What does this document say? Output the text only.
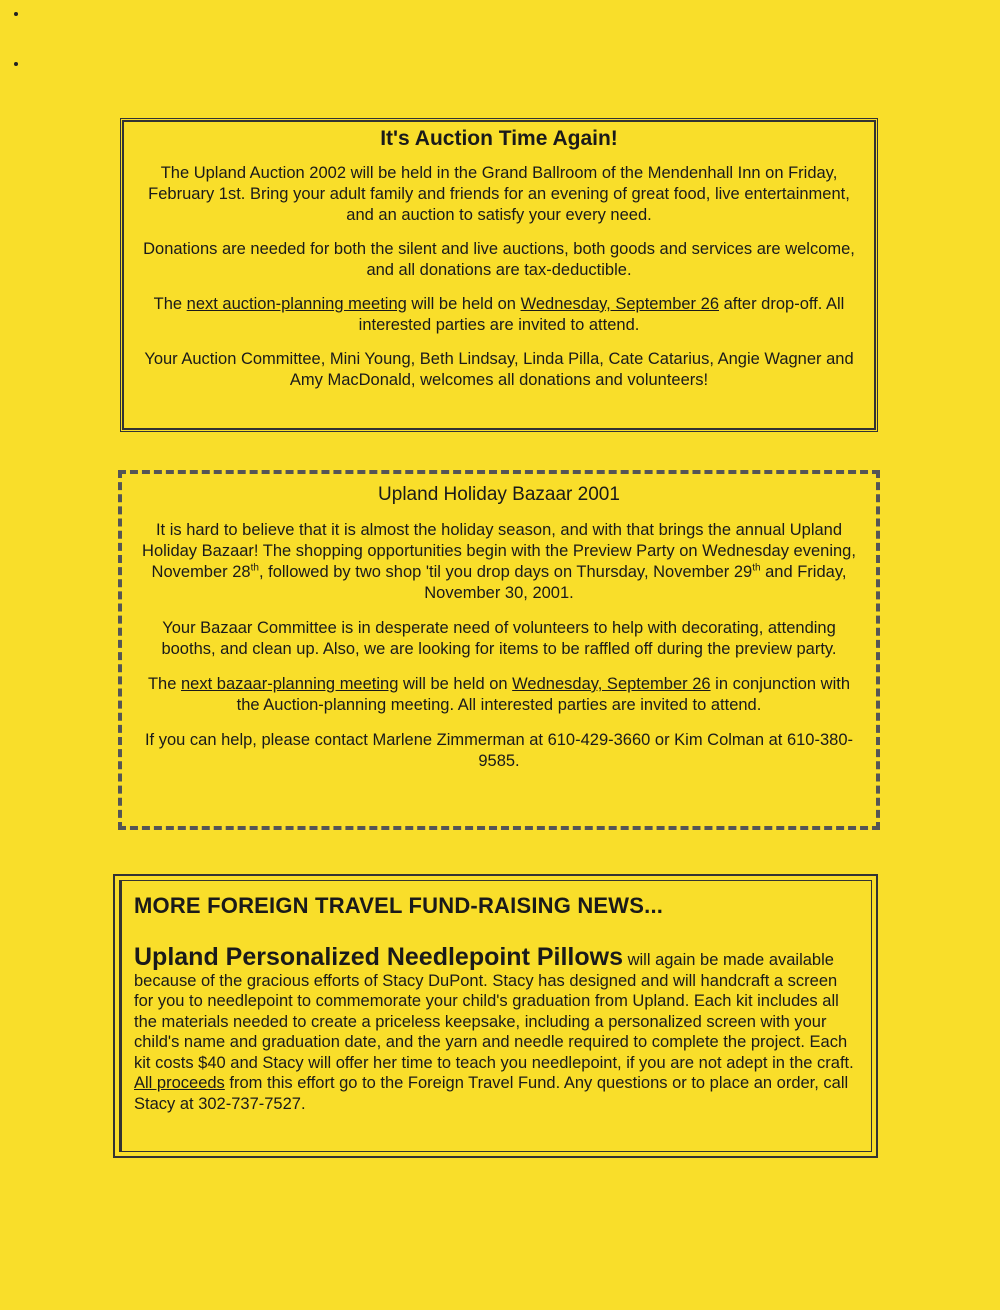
It's Auction Time Again!

The Upland Auction 2002 will be held in the Grand Ballroom of the Mendenhall Inn on Friday, February 1st. Bring your adult family and friends for an evening of great food, live entertainment, and an auction to satisfy your every need.

Donations are needed for both the silent and live auctions, both goods and services are welcome, and all donations are tax-deductible.

The next auction-planning meeting will be held on Wednesday, September 26 after drop-off. All interested parties are invited to attend.

Your Auction Committee, Mini Young, Beth Lindsay, Linda Pilla, Cate Catarius, Angie Wagner and Amy MacDonald, welcomes all donations and volunteers!

Upland Holiday Bazaar 2001

It is hard to believe that it is almost the holiday season, and with that brings the annual Upland Holiday Bazaar! The shopping opportunities begin with the Preview Party on Wednesday evening, November 28th, followed by two shop 'til you drop days on Thursday, November 29th and Friday, November 30, 2001.

Your Bazaar Committee is in desperate need of volunteers to help with decorating, attending booths, and clean up. Also, we are looking for items to be raffled off during the preview party.

The next bazaar-planning meeting will be held on Wednesday, September 26 in conjunction with the Auction-planning meeting. All interested parties are invited to attend.

If you can help, please contact Marlene Zimmerman at 610-429-3660 or Kim Colman at 610-380-9585.

MORE FOREIGN TRAVEL FUND-RAISING NEWS...

Upland Personalized Needlepoint Pillows will again be made available because of the gracious efforts of Stacy DuPont. Stacy has designed and will handcraft a screen for you to needlepoint to commemorate your child's graduation from Upland. Each kit includes all the materials needed to create a priceless keepsake, including a personalized screen with your child's name and graduation date, and the yarn and needle required to complete the project. Each kit costs $40 and Stacy will offer her time to teach you needlepoint, if you are not adept in the craft. All proceeds from this effort go to the Foreign Travel Fund. Any questions or to place an order, call Stacy at 302-737-7527.
